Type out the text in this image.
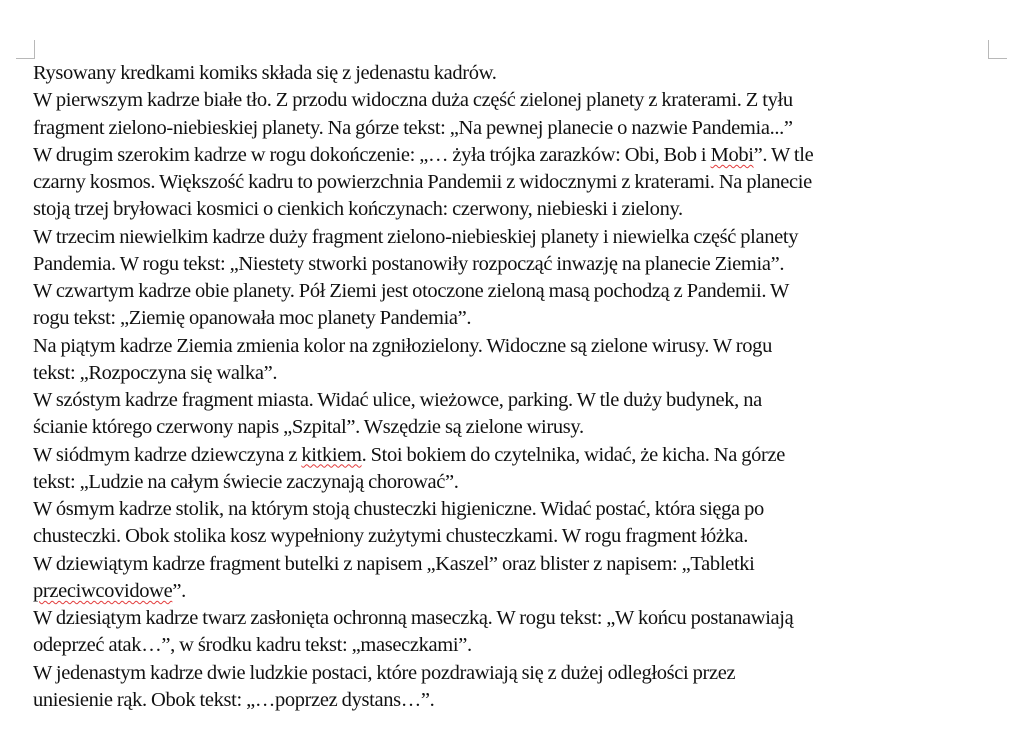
Rysowany kredkami komiks składa się z jedenastu kadrów.
W pierwszym kadrze białe tło. Z przodu widoczna duża część zielonej planety z kraterami. Z tyłu
fragment zielono-niebieskiej planety. Na górze tekst: „Na pewnej planecie o nazwie Pandemia...”
W drugim szerokim kadrze w rogu dokończenie: „… żyła trójka zarazków: Obi, Bob i Mobi”. W tle
czarny kosmos. Większość kadru to powierzchnia Pandemii z widocznymi z kraterami. Na planecie
stoją trzej bryłowaci kosmici o cienkich kończynach: czerwony, niebieski i zielony.
W trzecim niewielkim kadrze duży fragment zielono-niebieskiej planety i niewielka część planety
Pandemia. W rogu tekst: „Niestety stworki postanowiły rozpocząć inwazję na planecie Ziemia”.
W czwartym kadrze obie planety. Pół Ziemi jest otoczone zieloną masą pochodzą z Pandemii. W
rogu tekst: „Ziemię opanowała moc planety Pandemia”.
Na piątym kadrze Ziemia zmienia kolor na zgniłozielony. Widoczne są zielone wirusy. W rogu
tekst: „Rozpoczyna się walka”.
W szóstym kadrze fragment miasta. Widać ulice, wieżowce, parking. W tle duży budynek, na
ścianie którego czerwony napis „Szpital”. Wszędzie są zielone wirusy.
W siódmym kadrze dziewczyna z kitkiem. Stoi bokiem do czytelnika, widać, że kicha. Na górze
tekst: „Ludzie na całym świecie zaczynają chorować”.
W ósmym kadrze stolik, na którym stoją chusteczki higieniczne. Widać postać, która sięga po
chusteczki. Obok stolika kosz wypełniony zużytymi chusteczkami. W rogu fragment łóżka.
W dziewiątym kadrze fragment butelki z napisem „Kaszel” oraz blister z napisem: „Tabletki
przeciwcovidowe”.
W dziesiątym kadrze twarz zasłonięta ochronną maseczką. W rogu tekst: „W końcu postanawiają
odeprzeć atak…”, w środku kadru tekst: „maseczkami”.
W jedenastym kadrze dwie ludzkie postaci, które pozdrawiają się z dużej odległości przez
uniesienie rąk. Obok tekst: „…poprzez dystans…”.
